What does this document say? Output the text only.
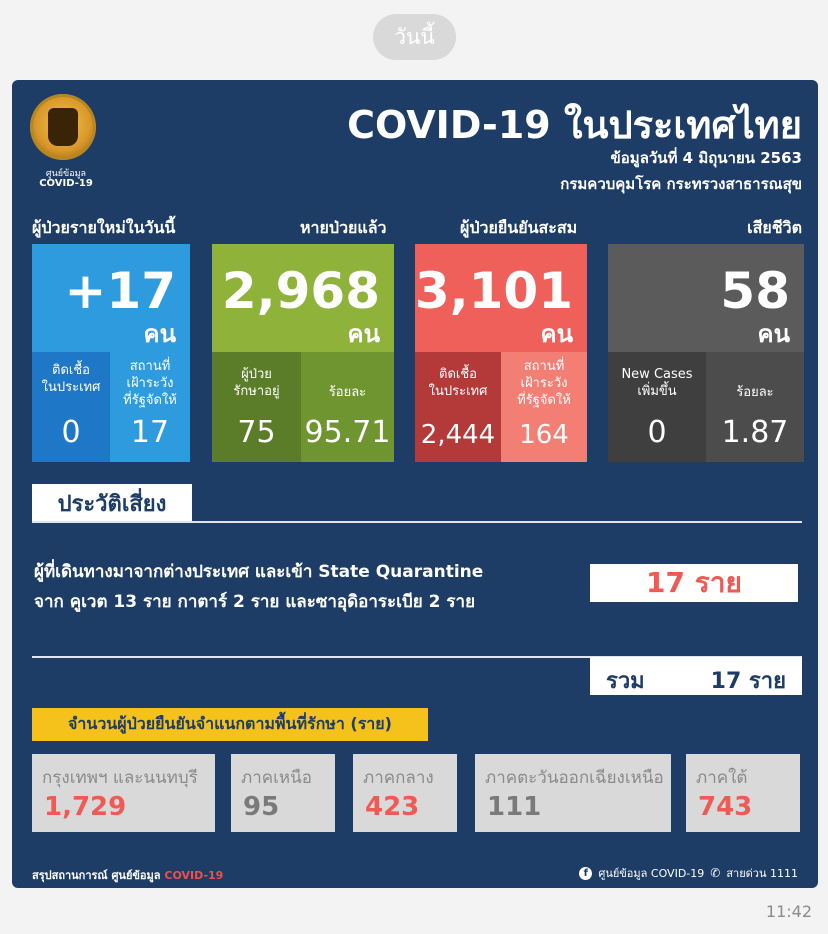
วันนี้
ศูนย์ข้อมูล
COVID-19
COVID-19 ในประเทศไทย
ข้อมูลวันที่ 4 มิถุนายน 2563
กรมควบคุมโรค กระทรวงสาธารณสุข
ผู้ป่วยรายใหม่ในวันนี้	หายป่วยแล้ว	ผู้ป่วยยืนยันสะสม	เสียชีวิต
+17
คน
ติดเชื้อ
ในประเทศ
0
สถานที่
เฝ้าระวัง
ที่รัฐจัดให้
17
2,968
คน
ผู้ป่วย
รักษาอยู่
75
ร้อยละ
95.71
3,101
คน
ติดเชื้อ
ในประเทศ
2,444
สถานที่
เฝ้าระวัง
ที่รัฐจัดให้
164
58
คน
New Cases
เพิ่มขึ้น
0
ร้อยละ
1.87
ประวัติเสี่ยง
ผู้ที่เดินทางมาจากต่างประเทศ และเข้า State Quarantine
จาก คูเวต 13 ราย กาตาร์ 2 ราย และซาอุดิอาระเบีย 2 ราย
17 ราย
รวม	17 ราย
จำนวนผู้ป่วยยืนยันจำแนกตามพื้นที่รักษา (ราย)
กรุงเทพฯ และนนทบุรี
1,729
ภาคเหนือ
95
ภาคกลาง
423
ภาคตะวันออกเฉียงเหนือ
111
ภาคใต้
743
สรุปสถานการณ์ ศูนย์ข้อมูล COVID-19	f ศูนย์ข้อมูล COVID-19 ✆ สายด่วน 1111
11:42
